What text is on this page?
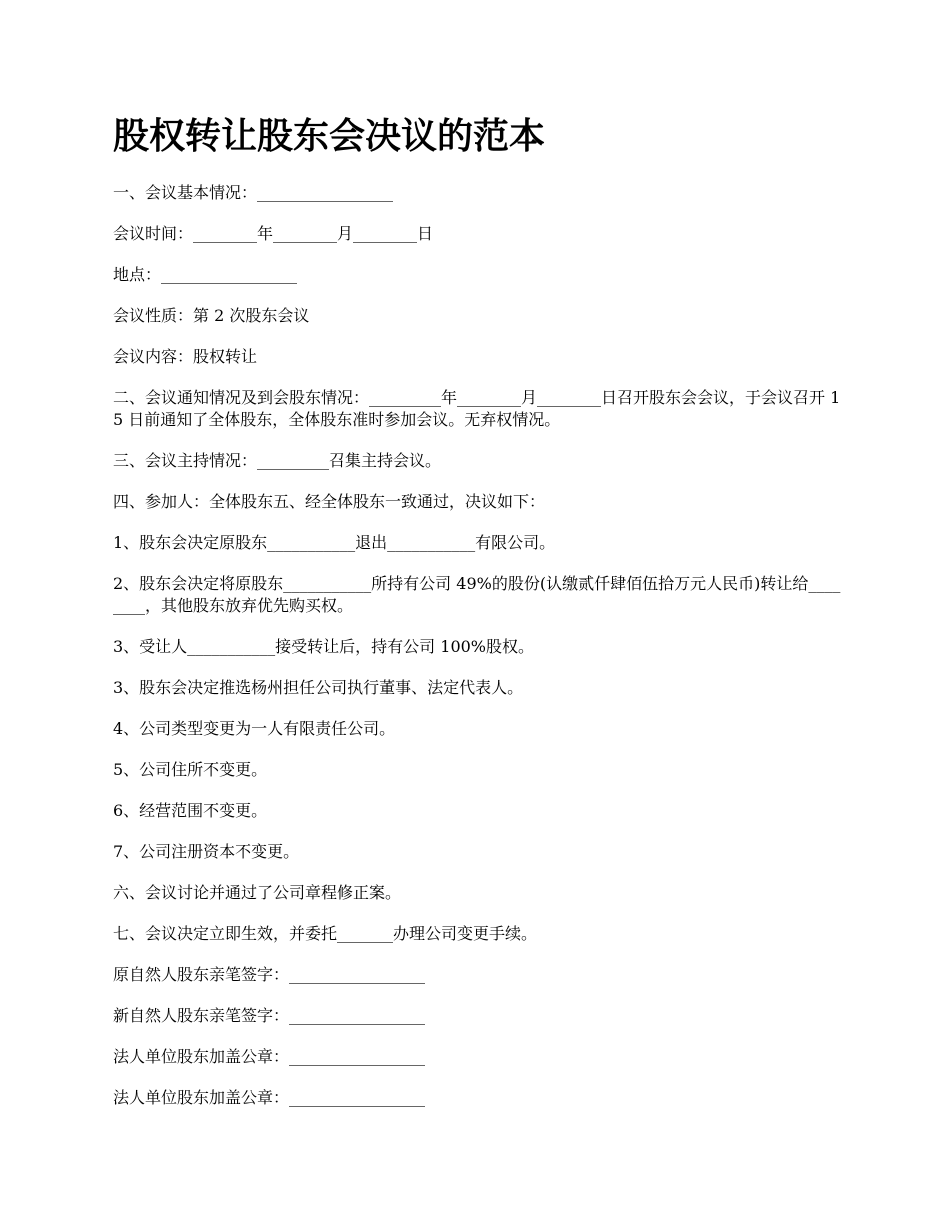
股权转让股东会决议的范本

一、会议基本情况：_________________

会议时间：________年________月________日

地点：_________________

会议性质：第 2 次股东会议

会议内容：股权转让

二、会议通知情况及到会股东情况：_________年________月________日召开股东会会议，于会议召开 15 日前通知了全体股东，全体股东准时参加会议。无弃权情况。

三、会议主持情况：_________召集主持会议。

四、参加人：全体股东五、经全体股东一致通过，决议如下：

1、股东会决定原股东___________退出___________有限公司。

2、股东会决定将原股东___________所持有公司 49%的股份(认缴贰仟肆佰伍拾万元人民币)转让给________，其他股东放弃优先购买权。

3、受让人___________接受转让后，持有公司 100%股权。

3、股东会决定推选杨州担任公司执行董事、法定代表人。

4、公司类型变更为一人有限责任公司。

5、公司住所不变更。

6、经营范围不变更。

7、公司注册资本不变更。

六、会议讨论并通过了公司章程修正案。

七、会议决定立即生效，并委托_______办理公司变更手续。

原自然人股东亲笔签字：_________________

新自然人股东亲笔签字：_________________

法人单位股东加盖公章：_________________

法人单位股东加盖公章：_________________
